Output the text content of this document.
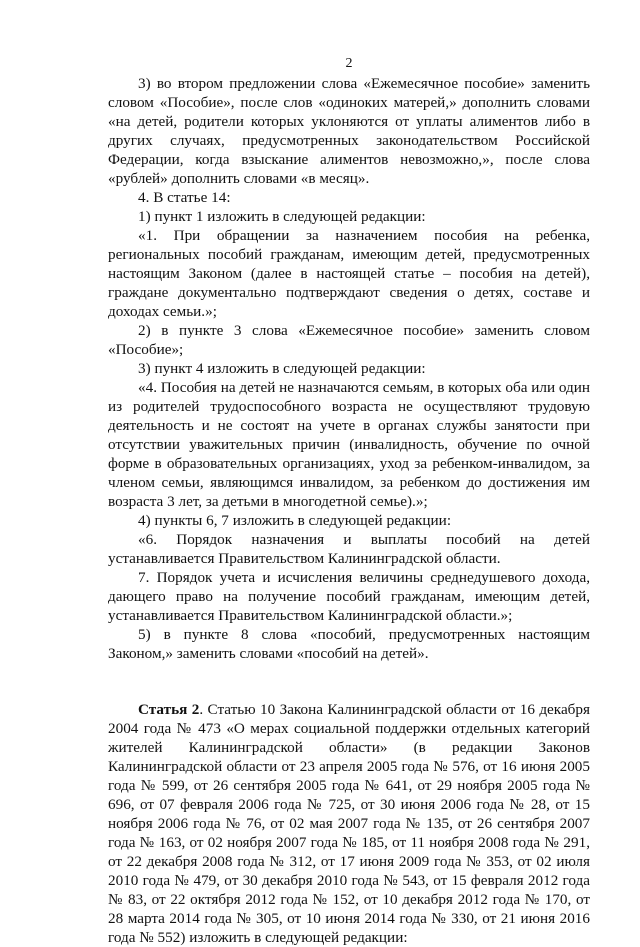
2

3) во втором предложении слова «Ежемесячное пособие» заменить словом «Пособие», после слов «одиноких матерей,» дополнить словами «на детей, родители которых уклоняются от уплаты алиментов либо в других случаях, предусмотренных законодательством Российской Федерации, когда взыскание алиментов невозможно,», после слова «рублей» дополнить словами «в месяц».

4. В статье 14:

1) пункт 1 изложить в следующей редакции:

«1. При обращении за назначением пособия на ребенка, региональных пособий гражданам, имеющим детей, предусмотренных настоящим Законом (далее в настоящей статье – пособия на детей), граждане документально подтверждают сведения о детях, составе и доходах семьи.»;

2) в пункте 3 слова «Ежемесячное пособие» заменить словом «Пособие»;

3) пункт 4 изложить в следующей редакции:

«4. Пособия на детей не назначаются семьям, в которых оба или один из родителей трудоспособного возраста не осуществляют трудовую деятельность и не состоят на учете в органах службы занятости при отсутствии уважительных причин (инвалидность, обучение по очной форме в образовательных организациях, уход за ребенком-инвалидом, за членом семьи, являющимся инвалидом, за ребенком до достижения им возраста 3 лет, за детьми в многодетной семье).»;

4) пункты 6, 7 изложить в следующей редакции:

«6. Порядок назначения и выплаты пособий на детей устанавливается Правительством Калининградской области.

7. Порядок учета и исчисления величины среднедушевого дохода, дающего право на получение пособий гражданам, имеющим детей, устанавливается Правительством Калининградской области.»;

5) в пункте 8 слова «пособий, предусмотренных настоящим Законом,» заменить словами «пособий на детей».

Статья 2. Статью 10 Закона Калининградской области от 16 декабря 2004 года № 473 «О мерах социальной поддержки отдельных категорий жителей Калининградской области» (в редакции Законов Калининградской области от 23 апреля 2005 года № 576, от 16 июня 2005 года № 599, от 26 сентября 2005 года № 641, от 29 ноября 2005 года № 696, от 07 февраля 2006 года № 725, от 30 июня 2006 года № 28, от 15 ноября 2006 года № 76, от 02 мая 2007 года № 135, от 26 сентября 2007 года № 163, от 02 ноября 2007 года № 185, от 11 ноября 2008 года № 291, от 22 декабря 2008 года № 312, от 17 июня 2009 года № 353, от 02 июля 2010 года № 479, от 30 декабря 2010 года № 543, от 15 февраля 2012 года № 83, от 22 октября 2012 года № 152, от 10 декабря 2012 года № 170, от 28 марта 2014 года № 305, от 10 июня 2014 года № 330, от 21 июня 2016 года № 552) изложить в следующей редакции:
